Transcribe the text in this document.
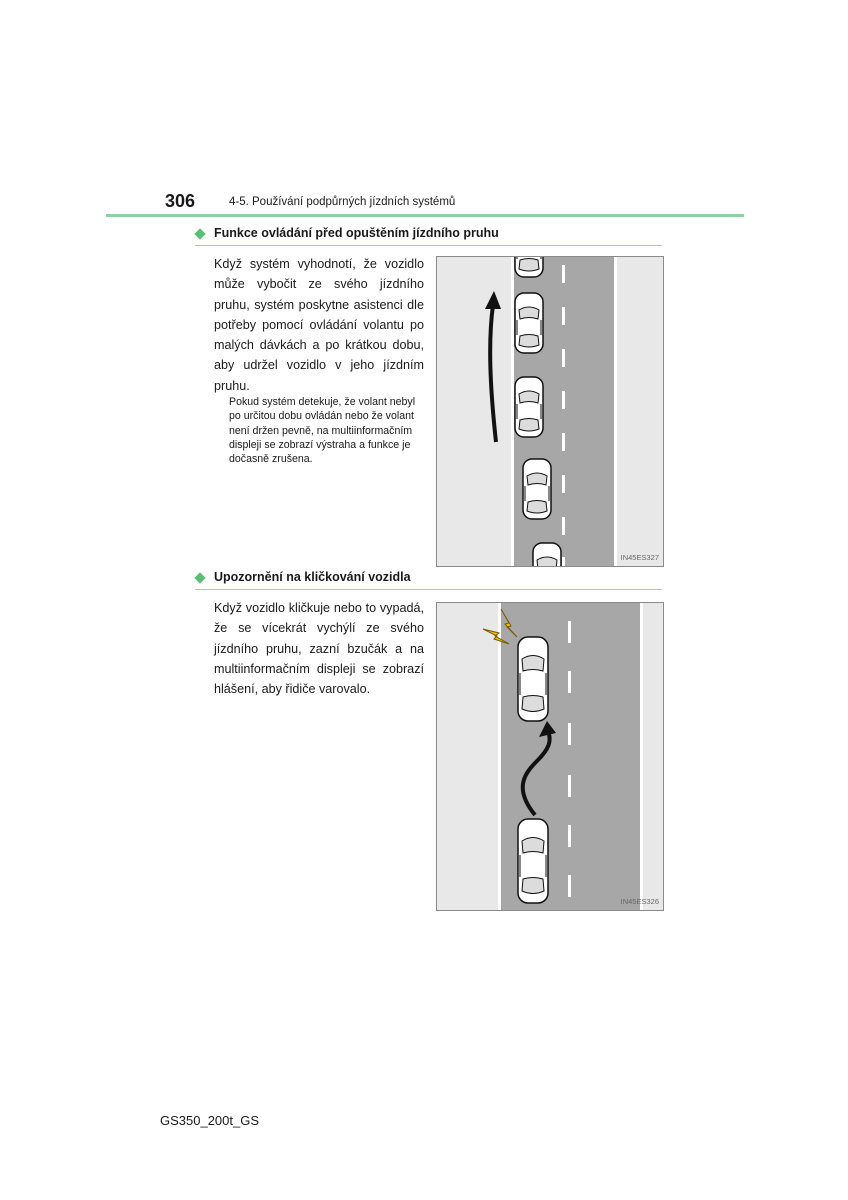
306	4-5. Používání podpůrných jízdních systémů
Funkce ovládání před opuštěním jízdního pruhu
Když systém vyhodnotí, že vozidlo může vybočit ze svého jízdního pruhu, systém poskytne asistenci dle potřeby pomocí ovládání volantu po malých dávkách a po krátkou dobu, aby udržel vozidlo v jeho jízdním pruhu.
Pokud systém detekuje, že volant nebyl po určitou dobu ovládán nebo že volant není držen pevně, na multiinformačním displeji se zobrazí výstraha a funkce je dočasně zrušena.
IN45ES327
Upozornění na kličkování vozidla
Když vozidlo kličkuje nebo to vypadá, že se vícekrát vychýlí ze svého jízdního pruhu, zazní bzučák a na multiinformačním displeji se zobrazí hlášení, aby řidiče varovalo.
IN45ES326
GS350_200t_GS
